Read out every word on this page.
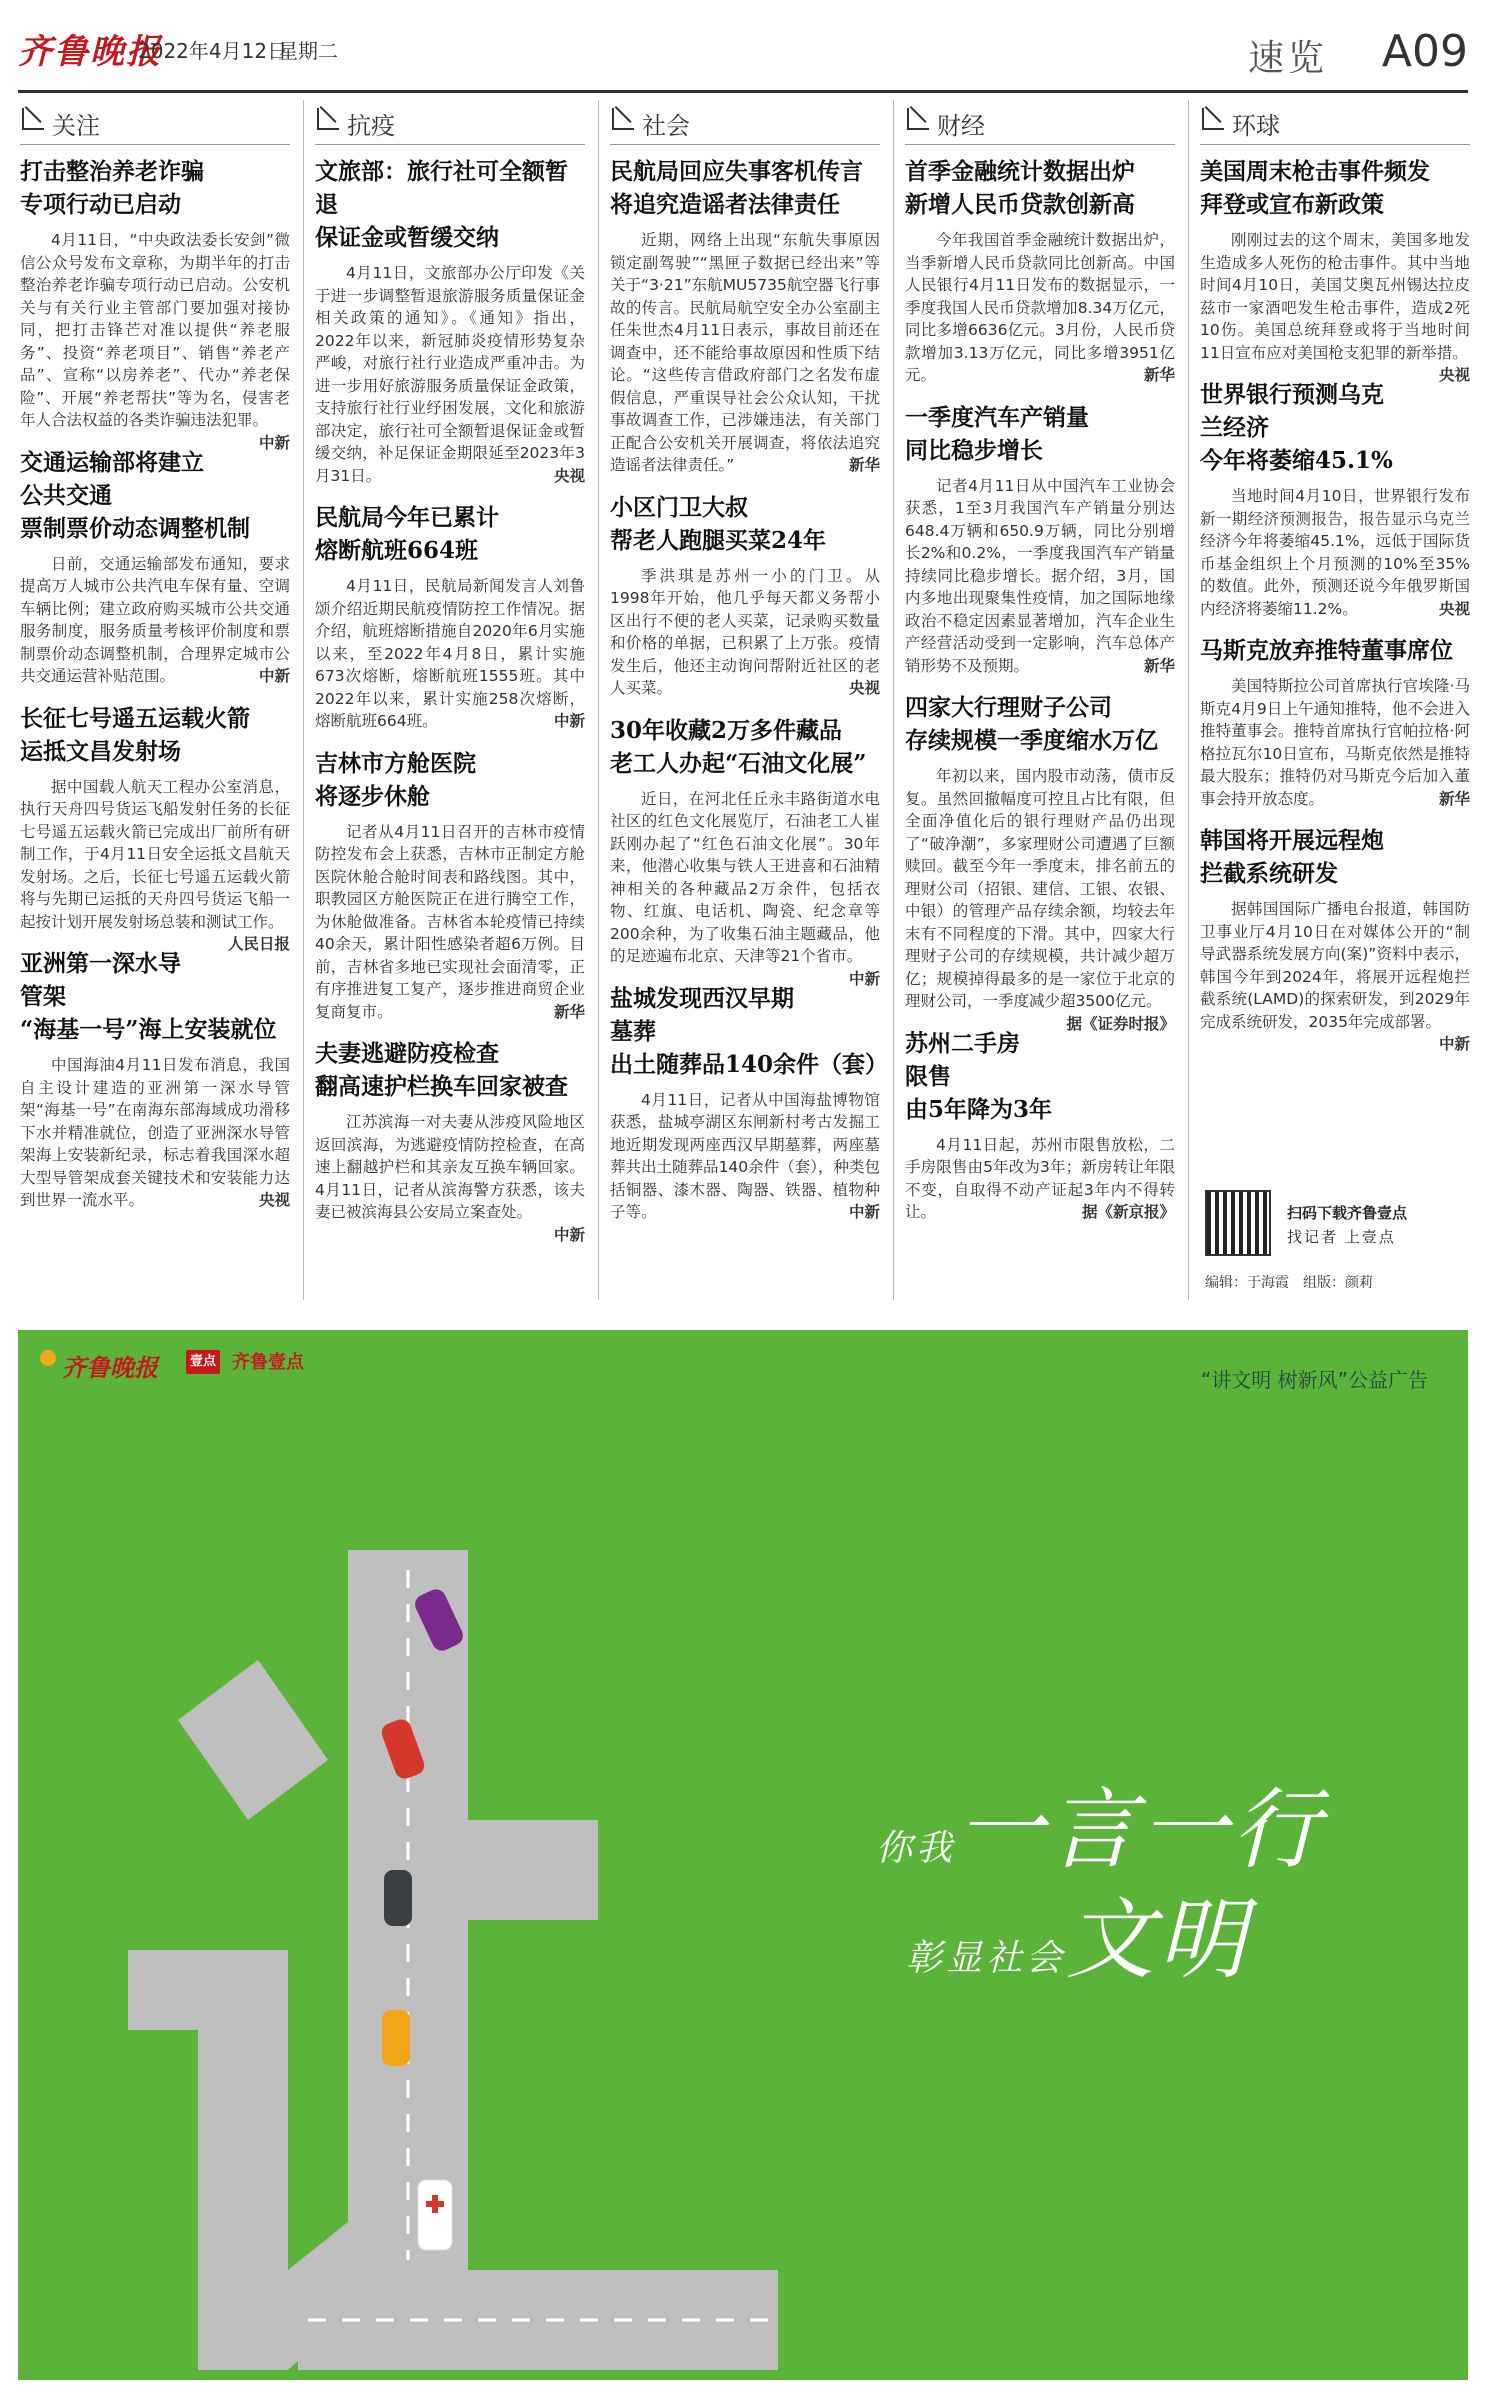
齐鲁晚报
2022年4月12日
星期二	速览 A09
关注
打击整治养老诈骗
专项行动已启动

4月11日，“中央政法委长安剑”微信公众号发布文章称，为期半年的打击整治养老诈骗专项行动已启动。公安机关与有关行业主管部门要加强对接协同，把打击锋芒对准以提供“养老服务”、投资“养老项目”、销售“养老产品”、宣称“以房养老”、代办“养老保险”、开展“养老帮扶”等为名，侵害老年人合法权益的各类诈骗违法犯罪。
中新

交通运输部将建立公共交通
票制票价动态调整机制

日前，交通运输部发布通知，要求提高万人城市公共汽电车保有量、空调车辆比例；建立政府购买城市公共交通服务制度，服务质量考核评价制度和票制票价动态调整机制，合理界定城市公共交通运营补贴范围。	中新

长征七号遥五运载火箭
运抵文昌发射场

据中国载人航天工程办公室消息，执行天舟四号货运飞船发射任务的长征七号遥五运载火箭已完成出厂前所有研制工作，于4月11日安全运抵文昌航天发射场。之后，长征七号遥五运载火箭将与先期已运抵的天舟四号货运飞船一起按计划开展发射场总装和测试工作。
人民日报

亚洲第一深水导管架
“海基一号”海上安装就位

中国海油4月11日发布消息，我国自主设计建造的亚洲第一深水导管架“海基一号”在南海东部海域成功滑移下水并精准就位，创造了亚洲深水导管架海上安装新纪录，标志着我国深水超大型导管架成套关键技术和安装能力达到世界一流水平。	央视

抗疫
文旅部：旅行社可全额暂退
保证金或暂缓交纳

4月11日，文旅部办公厅印发《关于进一步调整暂退旅游服务质量保证金相关政策的通知》。《通知》指出，2022年以来，新冠肺炎疫情形势复杂严峻，对旅行社行业造成严重冲击。为进一步用好旅游服务质量保证金政策，支持旅行社行业纾困发展，文化和旅游部决定，旅行社可全额暂退保证金或暂缓交纳，补足保证金期限延至2023年3月31日。	央视

民航局今年已累计
熔断航班664班

4月11日，民航局新闻发言人刘鲁颂介绍近期民航疫情防控工作情况。据介绍，航班熔断措施自2020年6月实施以来，至2022年4月8日，累计实施673次熔断，熔断航班1555班。其中2022年以来，累计实施258次熔断，熔断航班664班。	中新

吉林市方舱医院
将逐步休舱

记者从4月11日召开的吉林市疫情防控发布会上获悉，吉林市正制定方舱医院休舱合舱时间表和路线图。其中，职教园区方舱医院正在进行腾空工作，为休舱做准备。吉林省本轮疫情已持续40余天，累计阳性感染者超6万例。目前，吉林省多地已实现社会面清零，正有序推进复工复产，逐步推进商贸企业复商复市。	新华

夫妻逃避防疫检查
翻高速护栏换车回家被查

江苏滨海一对夫妻从涉疫风险地区返回滨海，为逃避疫情防控检查，在高速上翻越护栏和其亲友互换车辆回家。4月11日，记者从滨海警方获悉，该夫妻已被滨海县公安局立案查处。
中新

社会
民航局回应失事客机传言
将追究造谣者法律责任

近期，网络上出现“东航失事原因锁定副驾驶”“黑匣子数据已经出来”等关于“3·21”东航MU5735航空器飞行事故的传言。民航局航空安全办公室副主任朱世杰4月11日表示，事故目前还在调查中，还不能给事故原因和性质下结论。“这些传言借政府部门之名发布虚假信息，严重误导社会公众认知，干扰事故调查工作，已涉嫌违法，有关部门正配合公安机关开展调查，将依法追究造谣者法律责任。”	新华

小区门卫大叔
帮老人跑腿买菜24年

季洪琪是苏州一小的门卫。从1998年开始，他几乎每天都义务帮小区出行不便的老人买菜，记录购买数量和价格的单据，已积累了上万张。疫情发生后，他还主动询问帮附近社区的老人买菜。	央视

30年收藏2万多件藏品
老工人办起“石油文化展”

近日，在河北任丘永丰路街道水电社区的红色文化展览厅，石油老工人崔跃刚办起了“红色石油文化展”。30年来，他潜心收集与铁人王进喜和石油精神相关的各种藏品2万余件，包括衣物、红旗、电话机、陶瓷、纪念章等200余种，为了收集石油主题藏品，他的足迹遍布北京、天津等21个省市。
中新

盐城发现西汉早期墓葬
出土随葬品140余件（套）

4月11日，记者从中国海盐博物馆获悉，盐城亭湖区东闸新村考古发掘工地近期发现两座西汉早期墓葬，两座墓葬共出土随葬品140余件（套），种类包括铜器、漆木器、陶器、铁器、植物种子等。	中新

财经
首季金融统计数据出炉
新增人民币贷款创新高

今年我国首季金融统计数据出炉，当季新增人民币贷款同比创新高。中国人民银行4月11日发布的数据显示，一季度我国人民币贷款增加8.34万亿元，同比多增6636亿元。3月份，人民币贷款增加3.13万亿元，同比多增3951亿元。	新华

一季度汽车产销量
同比稳步增长

记者4月11日从中国汽车工业协会获悉，1至3月我国汽车产销量分别达648.4万辆和650.9万辆，同比分别增长2%和0.2%，一季度我国汽车产销量持续同比稳步增长。据介绍，3月，国内多地出现聚集性疫情，加之国际地缘政治不稳定因素显著增加，汽车企业生产经营活动受到一定影响，汽车总体产销形势不及预期。	新华

四家大行理财子公司
存续规模一季度缩水万亿

年初以来，国内股市动荡，债市反复。虽然回撤幅度可控且占比有限，但全面净值化后的银行理财产品仍出现了“破净潮”，多家理财公司遭遇了巨额赎回。截至今年一季度末，排名前五的理财公司（招银、建信、工银、农银、中银）的管理产品存续余额，均较去年末有不同程度的下滑。其中，四家大行理财子公司的存续规模，共计减少超万亿；规模掉得最多的是一家位于北京的理财公司，一季度减少超3500亿元。
据《证券时报》

苏州二手房限售
由5年降为3年

4月11日起，苏州市限售放松，二手房限售由5年改为3年；新房转让年限不变，自取得不动产证起3年内不得转让。	据《新京报》

环球
美国周末枪击事件频发
拜登或宣布新政策

刚刚过去的这个周末，美国多地发生造成多人死伤的枪击事件。其中当地时间4月10日，美国艾奥瓦州锡达拉皮兹市一家酒吧发生枪击事件，造成2死10伤。美国总统拜登或将于当地时间11日宣布应对美国枪支犯罪的新举措。
央视

世界银行预测乌克兰经济
今年将萎缩45.1%

当地时间4月10日，世界银行发布新一期经济预测报告，报告显示乌克兰经济今年将萎缩45.1%，远低于国际货币基金组织上个月预测的10%至35%的数值。此外，预测还说今年俄罗斯国内经济将萎缩11.2%。	央视

马斯克放弃推特董事席位

美国特斯拉公司首席执行官埃隆·马斯克4月9日上午通知推特，他不会进入推特董事会。推特首席执行官帕拉格·阿格拉瓦尔10日宣布，马斯克依然是推特最大股东；推特仍对马斯克今后加入董事会持开放态度。	新华

韩国将开展远程炮
拦截系统研发

据韩国国际广播电台报道，韩国防卫事业厅4月10日在对媒体公开的“制导武器系统发展方向(案)”资料中表示，韩国今年到2024年，将展开远程炮拦截系统(LAMD)的探索研发，到2029年完成系统研发，2035年完成部署。
中新

扫码下载齐鲁壹点
找记者 上壹点
编辑：于海霞　组版：颜莉
齐鲁晚报	壹点 齐鲁壹点
“讲文明 树新风”公益广告
你我一言一行
彰显社会文明
